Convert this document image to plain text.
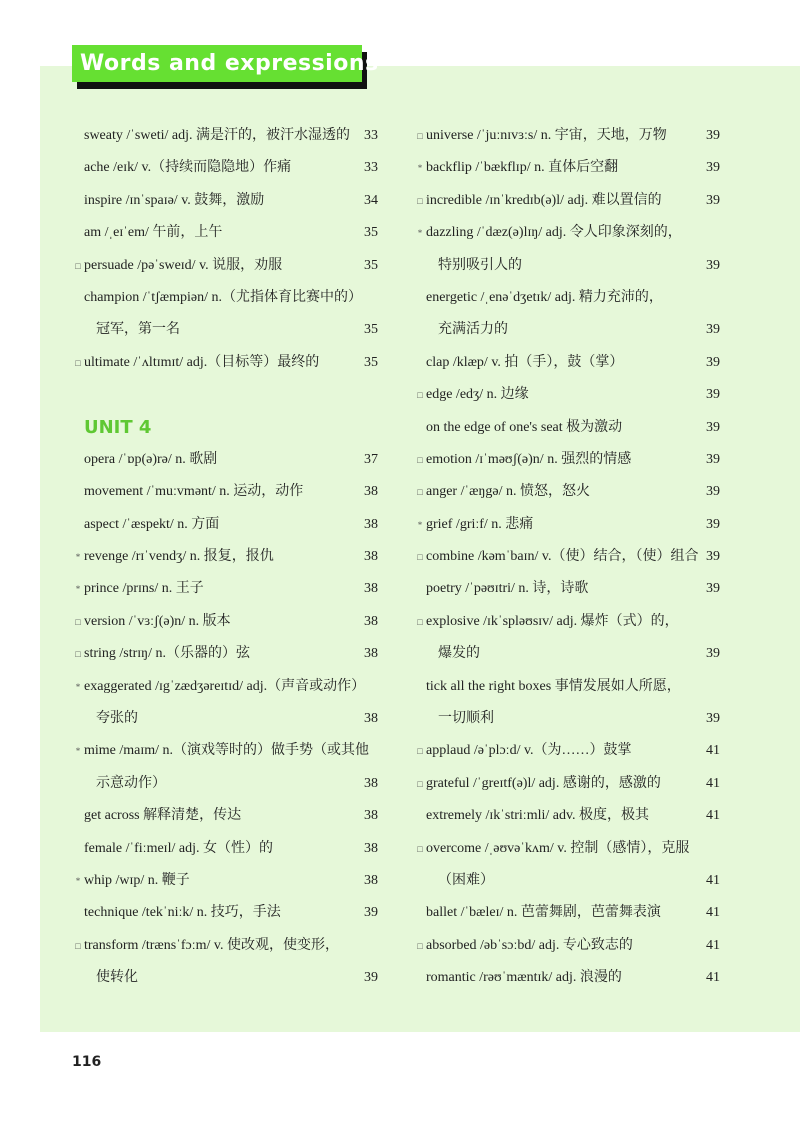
Words and expressions
sweaty /ˈsweti/ adj. 满是汗的，被汗水湿透的 33
ache /eɪk/ v.（持续而隐隐地）作痛	33
inspire /ɪnˈspaɪə/ v. 鼓舞，激励	34
am /ˌeɪˈem/ 午前，上午	35
□ persuade /pəˈsweɪd/ v. 说服，劝服	35
champion /ˈtʃæmpiən/ n.（尤指体育比赛中的）
冠军，第一名	35
□ ultimate /ˈʌltɪmɪt/ adj.（目标等）最终的	35
UNIT 4
opera /ˈɒp(ə)rə/ n. 歌剧	37
movement /ˈmuːvmənt/ n. 运动，动作	38
aspect /ˈæspekt/ n. 方面	38
* revenge /rɪˈvendʒ/ n. 报复，报仇	38
* prince /prɪns/ n. 王子	38
□ version /ˈvɜːʃ(ə)n/ n. 版本	38
□ string /strɪŋ/ n.（乐器的）弦	38
* exaggerated /ɪgˈzædʒəreɪtɪd/ adj.（声音或动作）
夸张的	38
* mime /maɪm/ n.（演戏等时的）做手势（或其他
示意动作）	38
get across 解释清楚，传达	38
female /ˈfiːmeɪl/ adj. 女（性）的	38
* whip /wɪp/ n. 鞭子	38
technique /tekˈniːk/ n. 技巧，手法	39
□ transform /trænsˈfɔːm/ v. 使改观，使变形，
使转化	39
□ universe /ˈjuːnɪvɜːs/ n. 宇宙，天地，万物	39
* backflip /ˈbækflɪp/ n. 直体后空翻	39
□ incredible /ɪnˈkredɪb(ə)l/ adj. 难以置信的	39
* dazzling /ˈdæz(ə)lɪŋ/ adj. 令人印象深刻的，
特别吸引人的	39
energetic /ˌenəˈdʒetɪk/ adj. 精力充沛的，
充满活力的	39
clap /klæp/ v. 拍（手），鼓（掌）	39
□ edge /edʒ/ n. 边缘	39
on the edge of one's seat 极为激动	39
□ emotion /ɪˈməʊʃ(ə)n/ n. 强烈的情感	39
□ anger /ˈæŋgə/ n. 愤怒，怒火	39
* grief /griːf/ n. 悲痛	39
□ combine /kəmˈbaɪn/ v.（使）结合，（使）组合 39
poetry /ˈpəʊɪtri/ n. 诗，诗歌	39
□ explosive /ɪkˈspləʊsɪv/ adj. 爆炸（式）的，
爆发的	39
tick all the right boxes 事情发展如人所愿，
一切顺利	39
□ applaud /əˈplɔːd/ v.（为……）鼓掌	41
□ grateful /ˈgreɪtf(ə)l/ adj. 感谢的，感激的	41
extremely /ɪkˈstriːmli/ adv. 极度，极其	41
□ overcome /ˌəʊvəˈkʌm/ v. 控制（感情），克服
（困难）	41
ballet /ˈbæleɪ/ n. 芭蕾舞剧，芭蕾舞表演	41
□ absorbed /əbˈsɔːbd/ adj. 专心致志的	41
romantic /rəʊˈmæntɪk/ adj. 浪漫的	41
116
